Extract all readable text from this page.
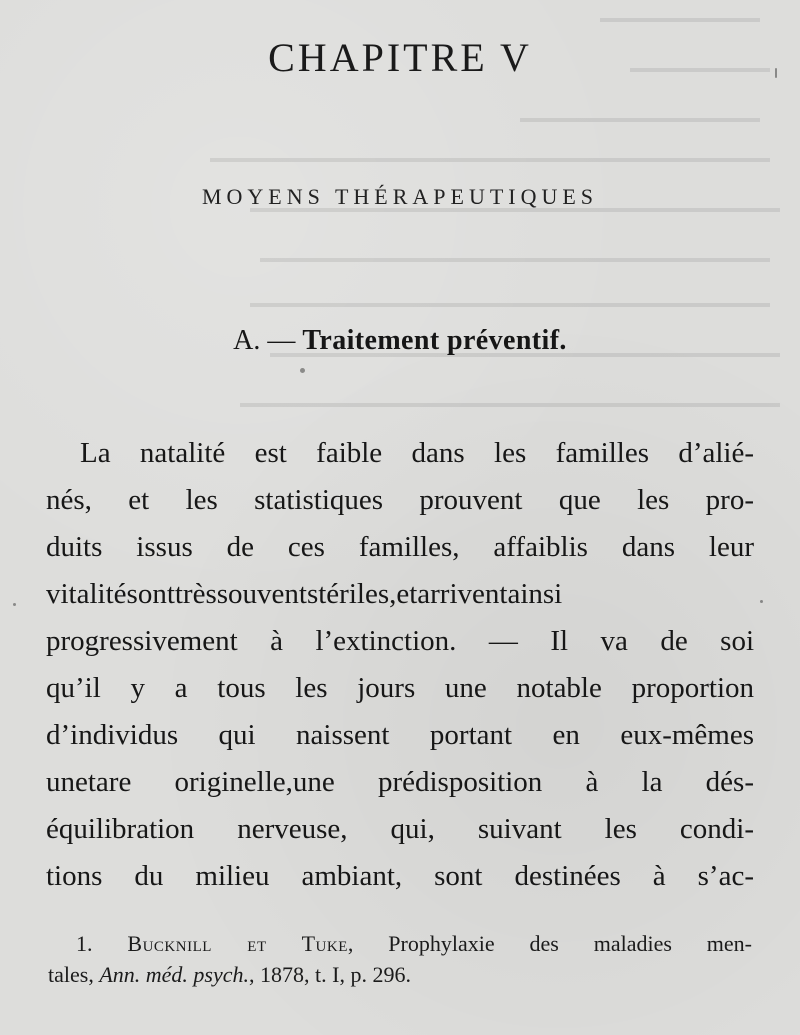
CHAPITRE V
MOYENS THÉRAPEUTIQUES
A. — Traitement préventif.
La natalité est faible dans les familles d’alié-
nés, et les statistiques prouvent que les pro-
duits issus de ces familles, affaiblis dans leur
vitalitésonttrèssouventstériles,etarriventainsi
progressivement à l’extinction. — Il va de soi
qu’il y a tous les jours une notable proportion
d’individus qui naissent portant en eux-mêmes
unetare originelle,une prédisposition à la dés-
équilibration nerveuse, qui, suivant les condi-
tions du milieu ambiant, sont destinées à s’ac-
1. Bucknill et Tuke, Prophylaxie des maladies men-
tales, Ann. méd. psych., 1878, t. I, p. 296.
